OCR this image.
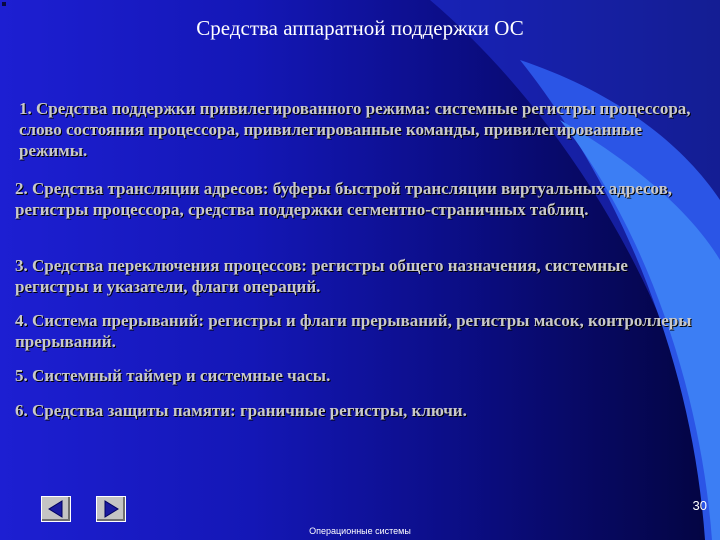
Средства аппаратной поддержки ОС
1. Средства поддержки привилегированного режима: системные регистры процессора, слово состояния процессора, привилегированные команды, привилегированные режимы.
2. Средства трансляции адресов: буферы быстрой трансляции виртуальных адресов, регистры процессора, средства поддержки сегментно-страничных таблиц.
3. Средства переключения процессов: регистры общего назначения, системные регистры и указатели, флаги операций.
4. Система прерываний: регистры и флаги прерываний, регистры масок, контроллеры прерываний.
5. Системный таймер и системные часы.
6. Средства защиты памяти: граничные регистры, ключи.
30
Операционные системы
